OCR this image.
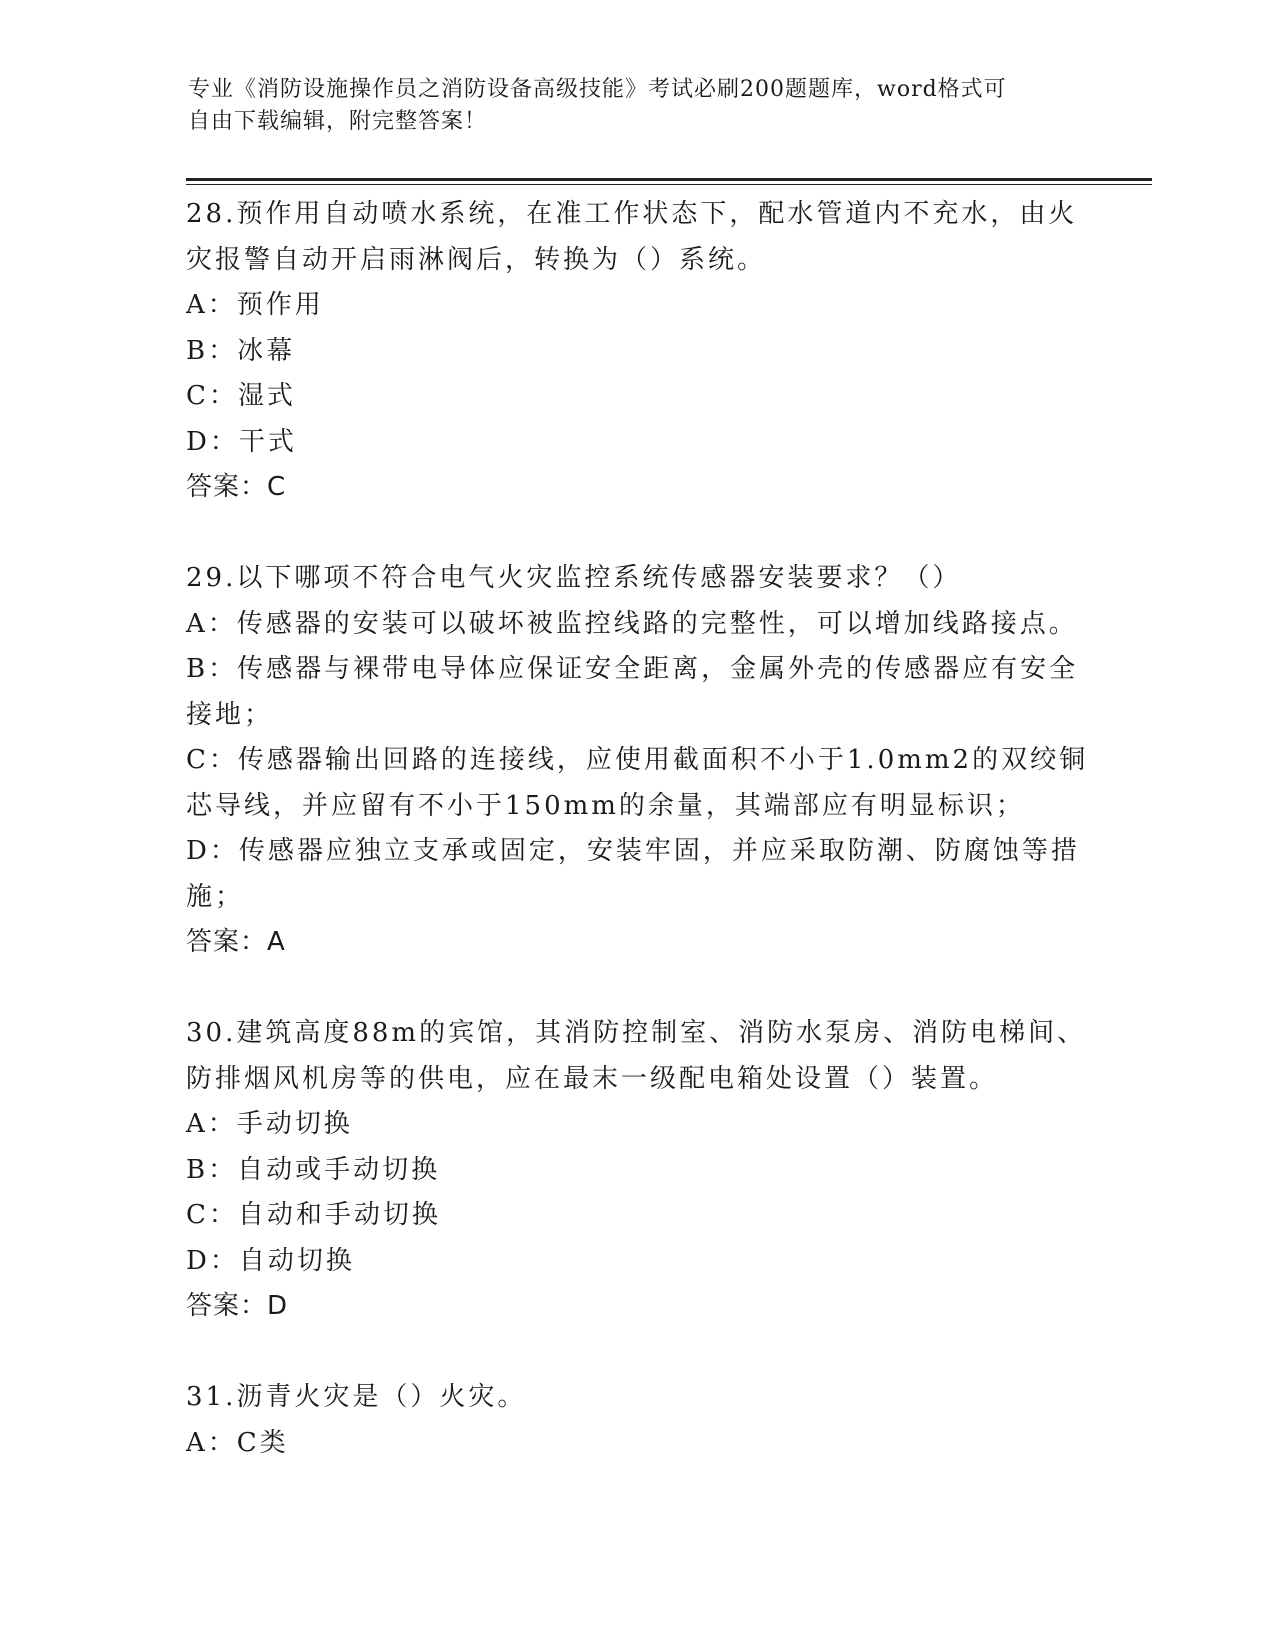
专业《消防设施操作员之消防设备高级技能》考试必刷200题题库，word格式可
自由下载编辑，附完整答案！
28.预作用自动喷水系统，在准工作状态下，配水管道内不充水，由火
灾报警自动开启雨淋阀后，转换为（）系统。
A：预作用
B：冰幕
C：湿式
D：干式
答案：C
29.以下哪项不符合电气火灾监控系统传感器安装要求？（）
A：传感器的安装可以破坏被监控线路的完整性，可以增加线路接点。
B：传感器与裸带电导体应保证安全距离，金属外壳的传感器应有安全
接地；
C：传感器输出回路的连接线，应使用截面积不小于1.0mm2的双绞铜
芯导线，并应留有不小于150mm的余量，其端部应有明显标识；
D：传感器应独立支承或固定，安装牢固，并应采取防潮、防腐蚀等措
施；
答案：A
30.建筑高度88m的宾馆，其消防控制室、消防水泵房、消防电梯间、
防排烟风机房等的供电，应在最末一级配电箱处设置（）装置。
A：手动切换
B：自动或手动切换
C：自动和手动切换
D：自动切换
答案：D
31.沥青火灾是（）火灾。
A：C类
